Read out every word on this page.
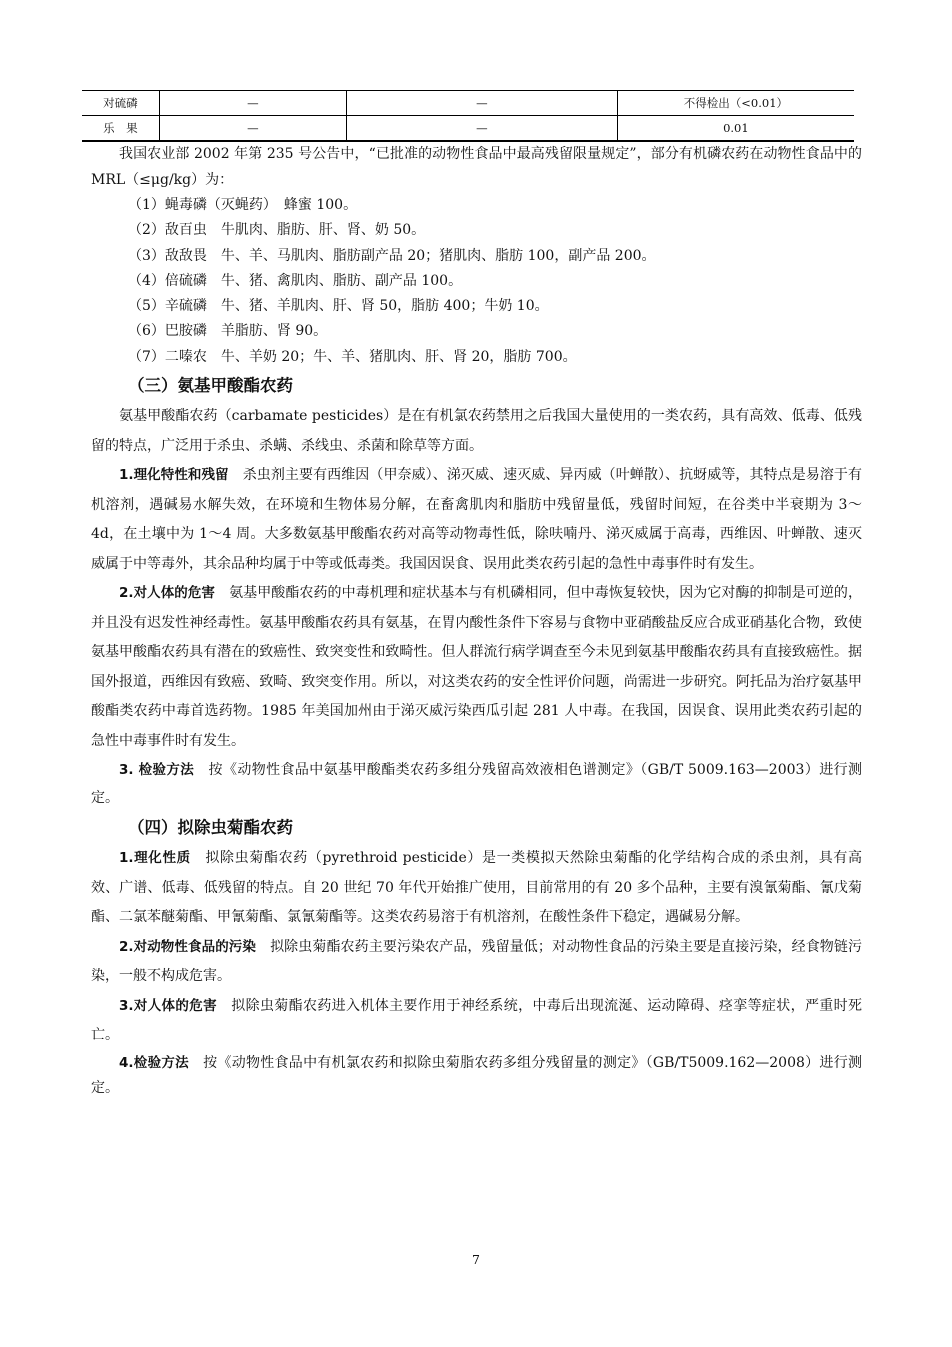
对硫磷	—	—	不得检出（<0.01）
乐　果	—	—	0.01

我国农业部 2002 年第 235 号公告中，“已批准的动物性食品中最高残留限量规定”，部分有机磷农药在动物性食品中的 MRL（≤μg/kg）为：

（1）蝇毒磷（灭蝇药）　蜂蜜 100。

（2）敌百虫　牛肌肉、脂肪、肝、肾、奶 50。

（3）敌敌畏　牛、羊、马肌肉、脂肪副产品 20；猪肌肉、脂肪 100，副产品 200。

（4）倍硫磷　牛、猪、禽肌肉、脂肪、副产品 100。

（5）辛硫磷　牛、猪、羊肌肉、肝、肾 50，脂肪 400；牛奶 10。

（6）巴胺磷　羊脂肪、肾 90。

（7）二嗪农　牛、羊奶 20；牛、羊、猪肌肉、肝、肾 20，脂肪 700。

（三）氨基甲酸酯农药

氨基甲酸酯农药（carbamate pesticides）是在有机氯农药禁用之后我国大量使用的一类农药，具有高效、低毒、低残留的特点，广泛用于杀虫、杀螨、杀线虫、杀菌和除草等方面。

1.理化特性和残留　杀虫剂主要有西维因（甲奈威）、涕灭威、速灭威、异丙威（叶蝉散）、抗蚜威等，其特点是易溶于有机溶剂，遇碱易水解失效，在环境和生物体易分解，在畜禽肌肉和脂肪中残留量低，残留时间短，在谷类中半衰期为 3～4d，在土壤中为 1～4 周。大多数氨基甲酸酯农药对高等动物毒性低，除呋喃丹、涕灭威属于高毒，西维因、叶蝉散、速灭威属于中等毒外，其余品种均属于中等或低毒类。我国因误食、误用此类农药引起的急性中毒事件时有发生。

2.对人体的危害　氨基甲酸酯农药的中毒机理和症状基本与有机磷相同，但中毒恢复较快，因为它对酶的抑制是可逆的，并且没有迟发性神经毒性。氨基甲酸酯农药具有氨基，在胃内酸性条件下容易与食物中亚硝酸盐反应合成亚硝基化合物，致使氨基甲酸酯农药具有潜在的致癌性、致突变性和致畸性。但人群流行病学调查至今未见到氨基甲酸酯农药具有直接致癌性。据国外报道，西维因有致癌、致畸、致突变作用。所以，对这类农药的安全性评价问题，尚需进一步研究。阿托品为治疗氨基甲酸酯类农药中毒首选药物。1985 年美国加州由于涕灭威污染西瓜引起 281 人中毒。在我国，因误食、误用此类农药引起的急性中毒事件时有发生。

3. 检验方法　按《动物性食品中氨基甲酸酯类农药多组分残留高效液相色谱测定》（GB/T 5009.163—2003）进行测定。

（四）拟除虫菊酯农药

1.理化性质　拟除虫菊酯农药（pyrethroid pesticide）是一类模拟天然除虫菊酯的化学结构合成的杀虫剂，具有高效、广谱、低毒、低残留的特点。自 20 世纪 70 年代开始推广使用，目前常用的有 20 多个品种，主要有溴氰菊酯、氰戊菊酯、二氯苯醚菊酯、甲氰菊酯、氯氰菊酯等。这类农药易溶于有机溶剂，在酸性条件下稳定，遇碱易分解。

2.对动物性食品的污染　拟除虫菊酯农药主要污染农产品，残留量低；对动物性食品的污染主要是直接污染，经食物链污染，一般不构成危害。

3.对人体的危害　拟除虫菊酯农药进入机体主要作用于神经系统，中毒后出现流涎、运动障碍、痉挛等症状，严重时死亡。

4.检验方法　按《动物性食品中有机氯农药和拟除虫菊脂农药多组分残留量的测定》（GB/T5009.162—2008）进行测定。

7
